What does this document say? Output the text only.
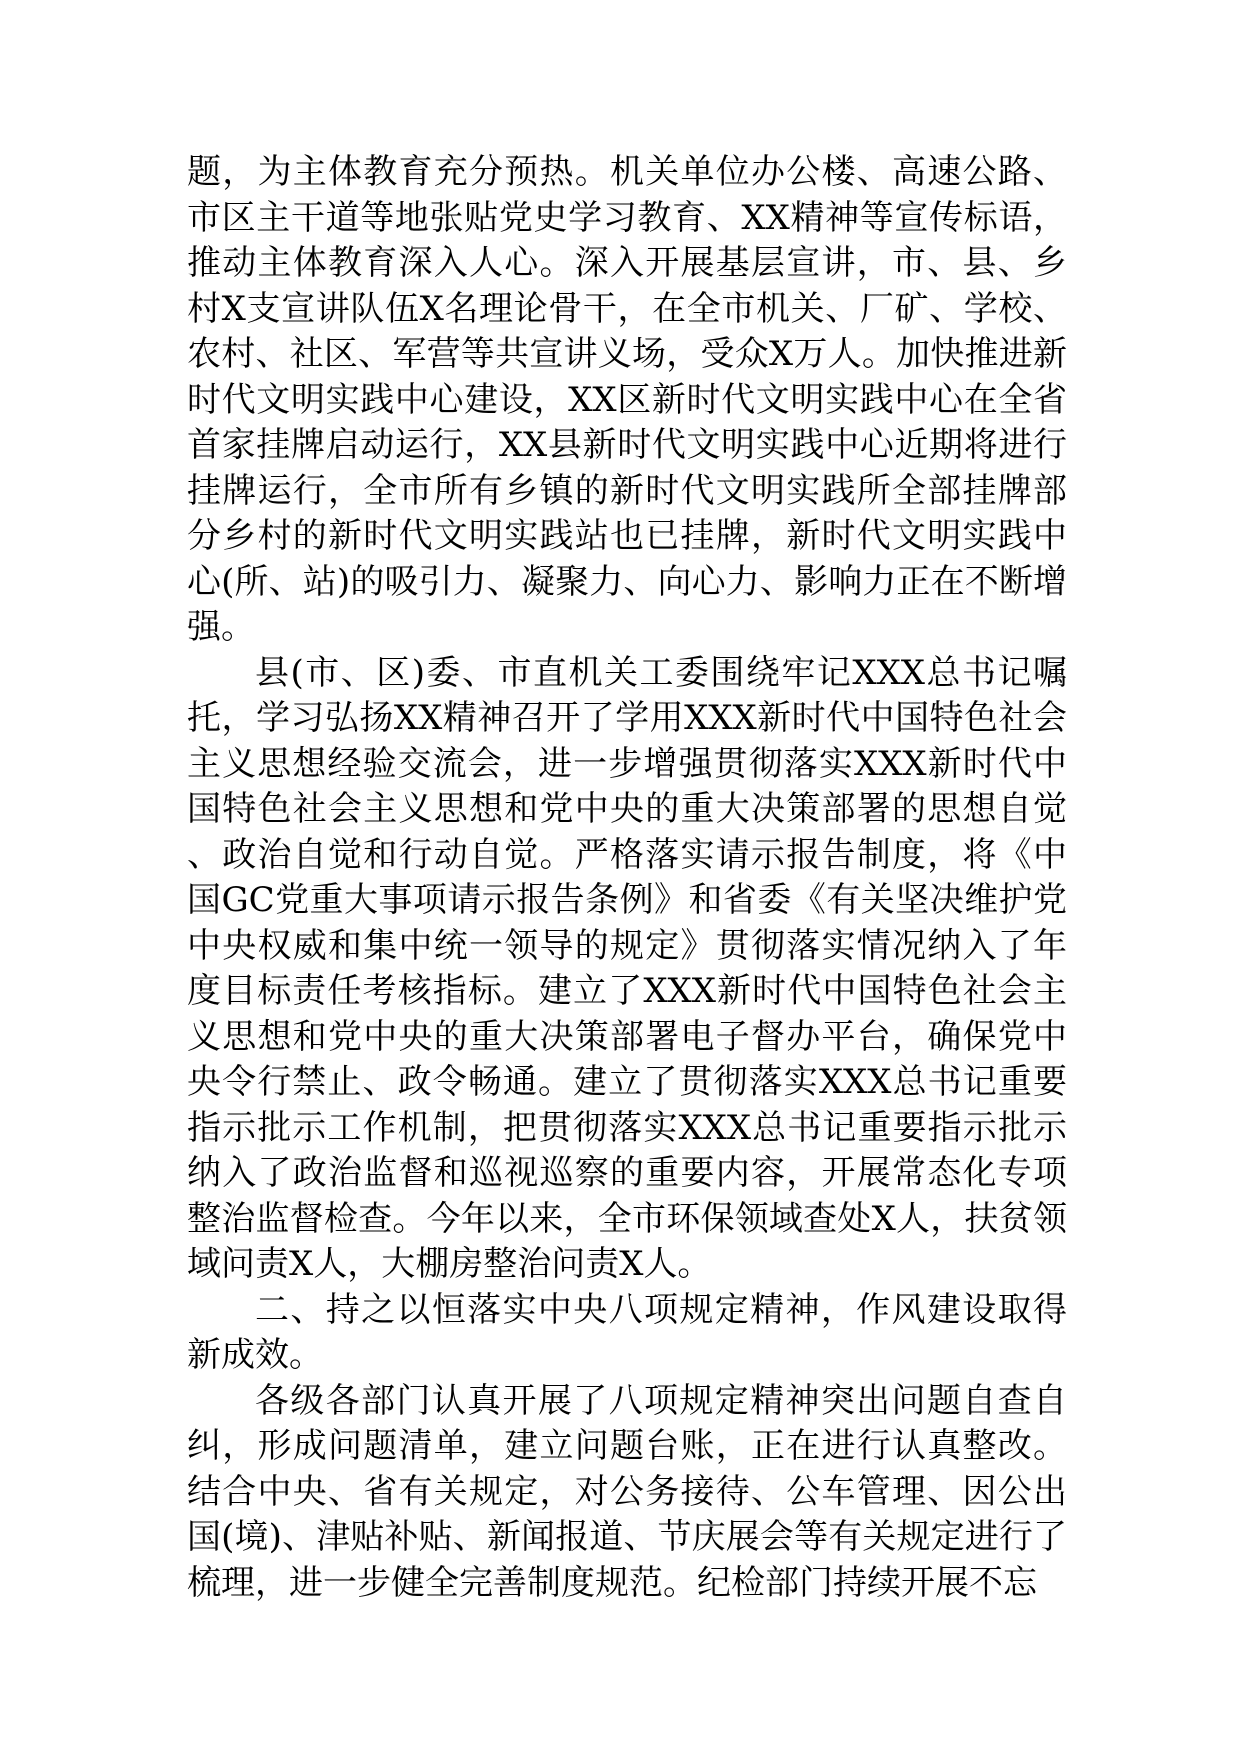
题，为主体教育充分预热。机关单位办公楼、高速公路、市区主干道等地张贴党史学习教育、XX精神等宣传标语，推动主体教育深入人心。深入开展基层宣讲，市、县、乡村X支宣讲队伍X名理论骨干，在全市机关、厂矿、学校、农村、社区、军营等共宣讲义场，受众X万人。加快推进新时代文明实践中心建设，XX区新时代文明实践中心在全省首家挂牌启动运行，XX县新时代文明实践中心近期将进行挂牌运行，全市所有乡镇的新时代文明实践所全部挂牌部分乡村的新时代文明实践站也已挂牌，新时代文明实践中心(所、站)的吸引力、凝聚力、向心力、影响力正在不断增强。

县(市、区)委、市直机关工委围绕牢记XXX总书记嘱托，学习弘扬XX精神召开了学用XXX新时代中国特色社会主义思想经验交流会，进一步增强贯彻落实XXX新时代中国特色社会主义思想和党中央的重大决策部署的思想自觉、政治自觉和行动自觉。严格落实请示报告制度，将《中国GC党重大事项请示报告条例》和省委《有关坚决维护党中央权威和集中统一领导的规定》贯彻落实情况纳入了年度目标责任考核指标。建立了XXX新时代中国特色社会主义思想和党中央的重大决策部署电子督办平台，确保党中央令行禁止、政令畅通。建立了贯彻落实XXX总书记重要指示批示工作机制，把贯彻落实XXX总书记重要指示批示纳入了政治监督和巡视巡察的重要内容，开展常态化专项整治监督检查。今年以来，全市环保领域查处X人，扶贫领域问责X人，大棚房整治问责X人。

二、持之以恒落实中央八项规定精神，作风建设取得新成效。

各级各部门认真开展了八项规定精神突出问题自查自纠，形成问题清单，建立问题台账，正在进行认真整改。结合中央、省有关规定，对公务接待、公车管理、因公出国(境)、津贴补贴、新闻报道、节庆展会等有关规定进行了梳理，进一步健全完善制度规范。纪检部门持续开展不忘
